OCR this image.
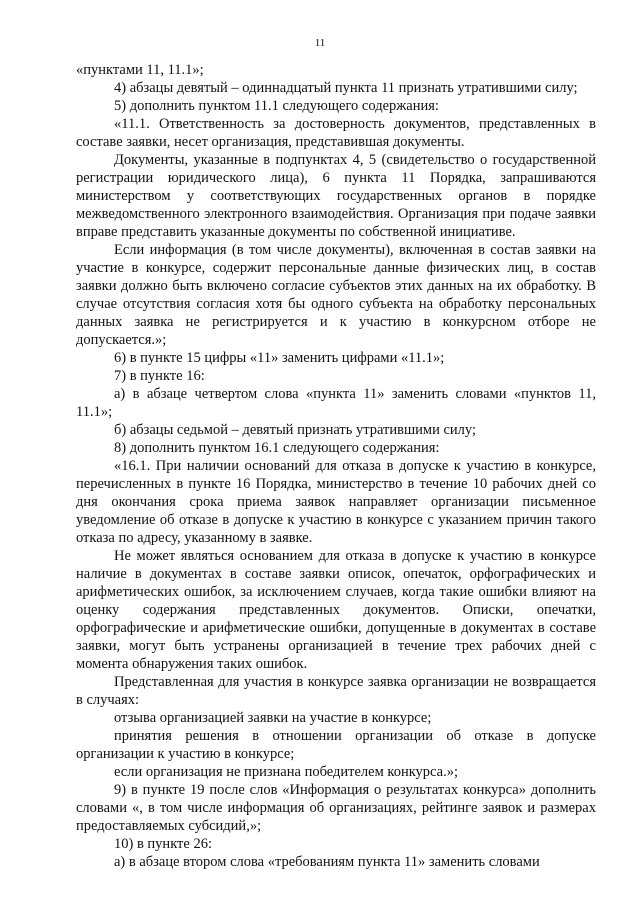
11

«пунктами 11, 11.1»;

4) абзацы девятый – одиннадцатый пункта 11 признать утратившими силу;

5) дополнить пунктом 11.1 следующего содержания:

«11.1. Ответственность за достоверность документов, представленных в составе заявки, несет организация, представившая документы.

Документы, указанные в подпунктах 4, 5 (свидетельство о государственной регистрации юридического лица), 6 пункта 11 Порядка, запрашиваются министерством у соответствующих государственных органов в порядке межведомственного электронного взаимодействия. Организация при подаче заявки вправе представить указанные документы по собственной инициативе.

Если информация (в том числе документы), включенная в состав заявки на участие в конкурсе, содержит персональные данные физических лиц, в состав заявки должно быть включено согласие субъектов этих данных на их обработку. В случае отсутствия согласия хотя бы одного субъекта на обработку персональных данных заявка не регистрируется и к участию в конкурсном отборе не допускается.»;

6) в пункте 15 цифры «11» заменить цифрами «11.1»;

7) в пункте 16:

а) в абзаце четвертом слова «пункта 11» заменить словами «пунктов 11, 11.1»;

б) абзацы седьмой – девятый признать утратившими силу;

8) дополнить пунктом 16.1 следующего содержания:

«16.1. При наличии оснований для отказа в допуске к участию в конкурсе, перечисленных в пункте 16 Порядка, министерство в течение 10 рабочих дней со дня окончания срока приема заявок направляет организации письменное уведомление об отказе в допуске к участию в конкурсе с указанием причин такого отказа по адресу, указанному в заявке.

Не может являться основанием для отказа в допуске к участию в конкурсе наличие в документах в составе заявки описок, опечаток, орфографических и арифметических ошибок, за исключением случаев, когда такие ошибки влияют на оценку содержания представленных документов. Описки, опечатки, орфографические и арифметические ошибки, допущенные в документах в составе заявки, могут быть устранены организацией в течение трех рабочих дней с момента обнаружения таких ошибок.

Представленная для участия в конкурсе заявка организации не возвращается в случаях:

отзыва организацией заявки на участие в конкурсе;

принятия решения в отношении организации об отказе в допуске организации к участию в конкурсе;

если организация не признана победителем конкурса.»;

9) в пункте 19 после слов «Информация о результатах конкурса» дополнить словами «, в том числе информация об организациях, рейтинге заявок и размерах предоставляемых субсидий,»;

10) в пункте 26:

а) в абзаце втором слова «требованиям пункта 11» заменить словами
